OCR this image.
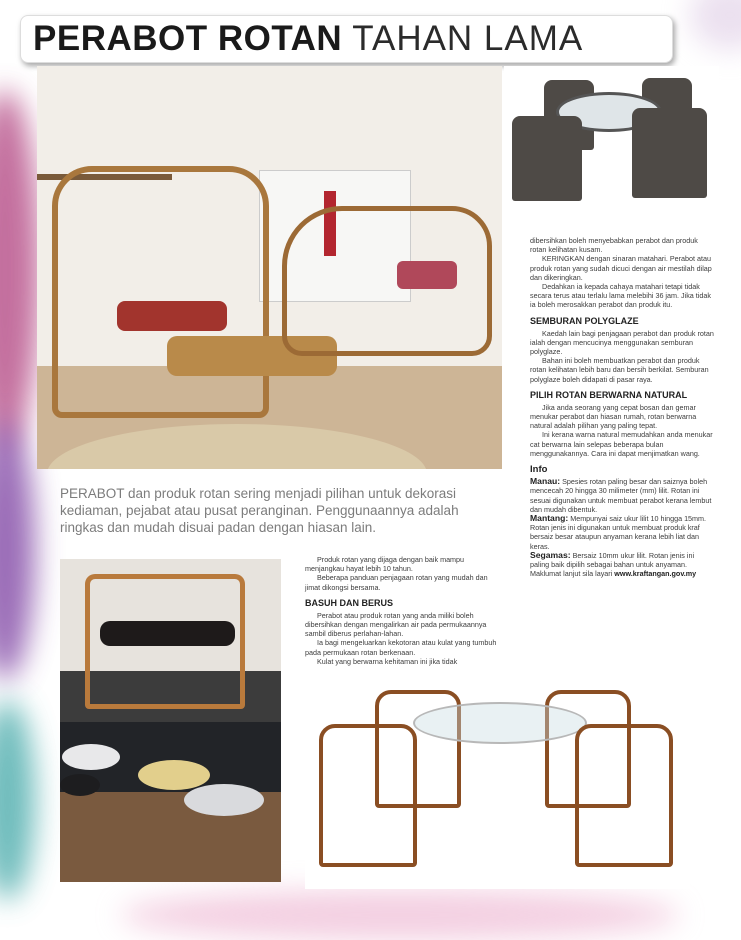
PERABOT ROTAN TAHAN LAMA
PERABOT dan produk rotan sering menjadi pilihan untuk dekorasi kediaman, pejabat atau pusat peranginan. Penggunaannya adalah ringkas dan mudah disuai padan dengan hiasan lain.

Produk rotan yang dijaga dengan baik mampu menjangkau hayat lebih 10 tahun.

Beberapa panduan penjagaan rotan yang mudah dan jimat dikongsi bersama.

BASUH DAN BERUS

Perabot atau produk rotan yang anda miliki boleh dibersihkan dengan mengalirkan air pada permukaannya sambil diberus perlahan-lahan.

Ia bagi mengeluarkan kekotoran atau kulat yang tumbuh pada permukaan rotan berkenaan.

Kulat yang berwarna kehitaman ini jika tidak

dibersihkan boleh menyebabkan perabot dan produk rotan kelihatan kusam.

KERINGKAN dengan sinaran matahari. Perabot atau produk rotan yang sudah dicuci dengan air mestilah dilap dan dikeringkan.

Dedahkan ia kepada cahaya matahari tetapi tidak secara terus atau terlalu lama melebihi 36 jam. Jika tidak ia boleh merosakkan perabot dan produk itu.

SEMBURAN POLYGLAZE

Kaedah lain bagi penjagaan perabot dan produk rotan ialah dengan mencucinya menggunakan semburan polyglaze.

Bahan ini boleh membuatkan perabot dan produk rotan kelihatan lebih baru dan bersih berkilat. Semburan polyglaze boleh didapati di pasar raya.

PILIH ROTAN BERWARNA NATURAL

Jika anda seorang yang cepat bosan dan gemar menukar perabot dan hiasan rumah, rotan berwarna natural adalah pilihan yang paling tepat.

Ini kerana warna natural memudahkan anda menukar cat berwarna lain selepas beberapa bulan menggunakannya. Cara ini dapat menjimatkan wang.

Info

Manau: Spesies rotan paling besar dan saiznya boleh mencecah 20 hingga 30 milimeter (mm) lilit. Rotan ini sesuai digunakan untuk membuat perabot kerana lembut dan mudah dibentuk.

Mantang: Mempunyai saiz ukur lilit 10 hingga 15mm. Rotan jenis ini digunakan untuk membuat produk kraf bersaiz besar ataupun anyaman kerana lebih liat dan keras.

Segamas: Bersaiz 10mm ukur lilit. Rotan jenis ini paling baik dipilih sebagai bahan untuk anyaman. Maklumat lanjut sila layari www.kraftangan.gov.my
